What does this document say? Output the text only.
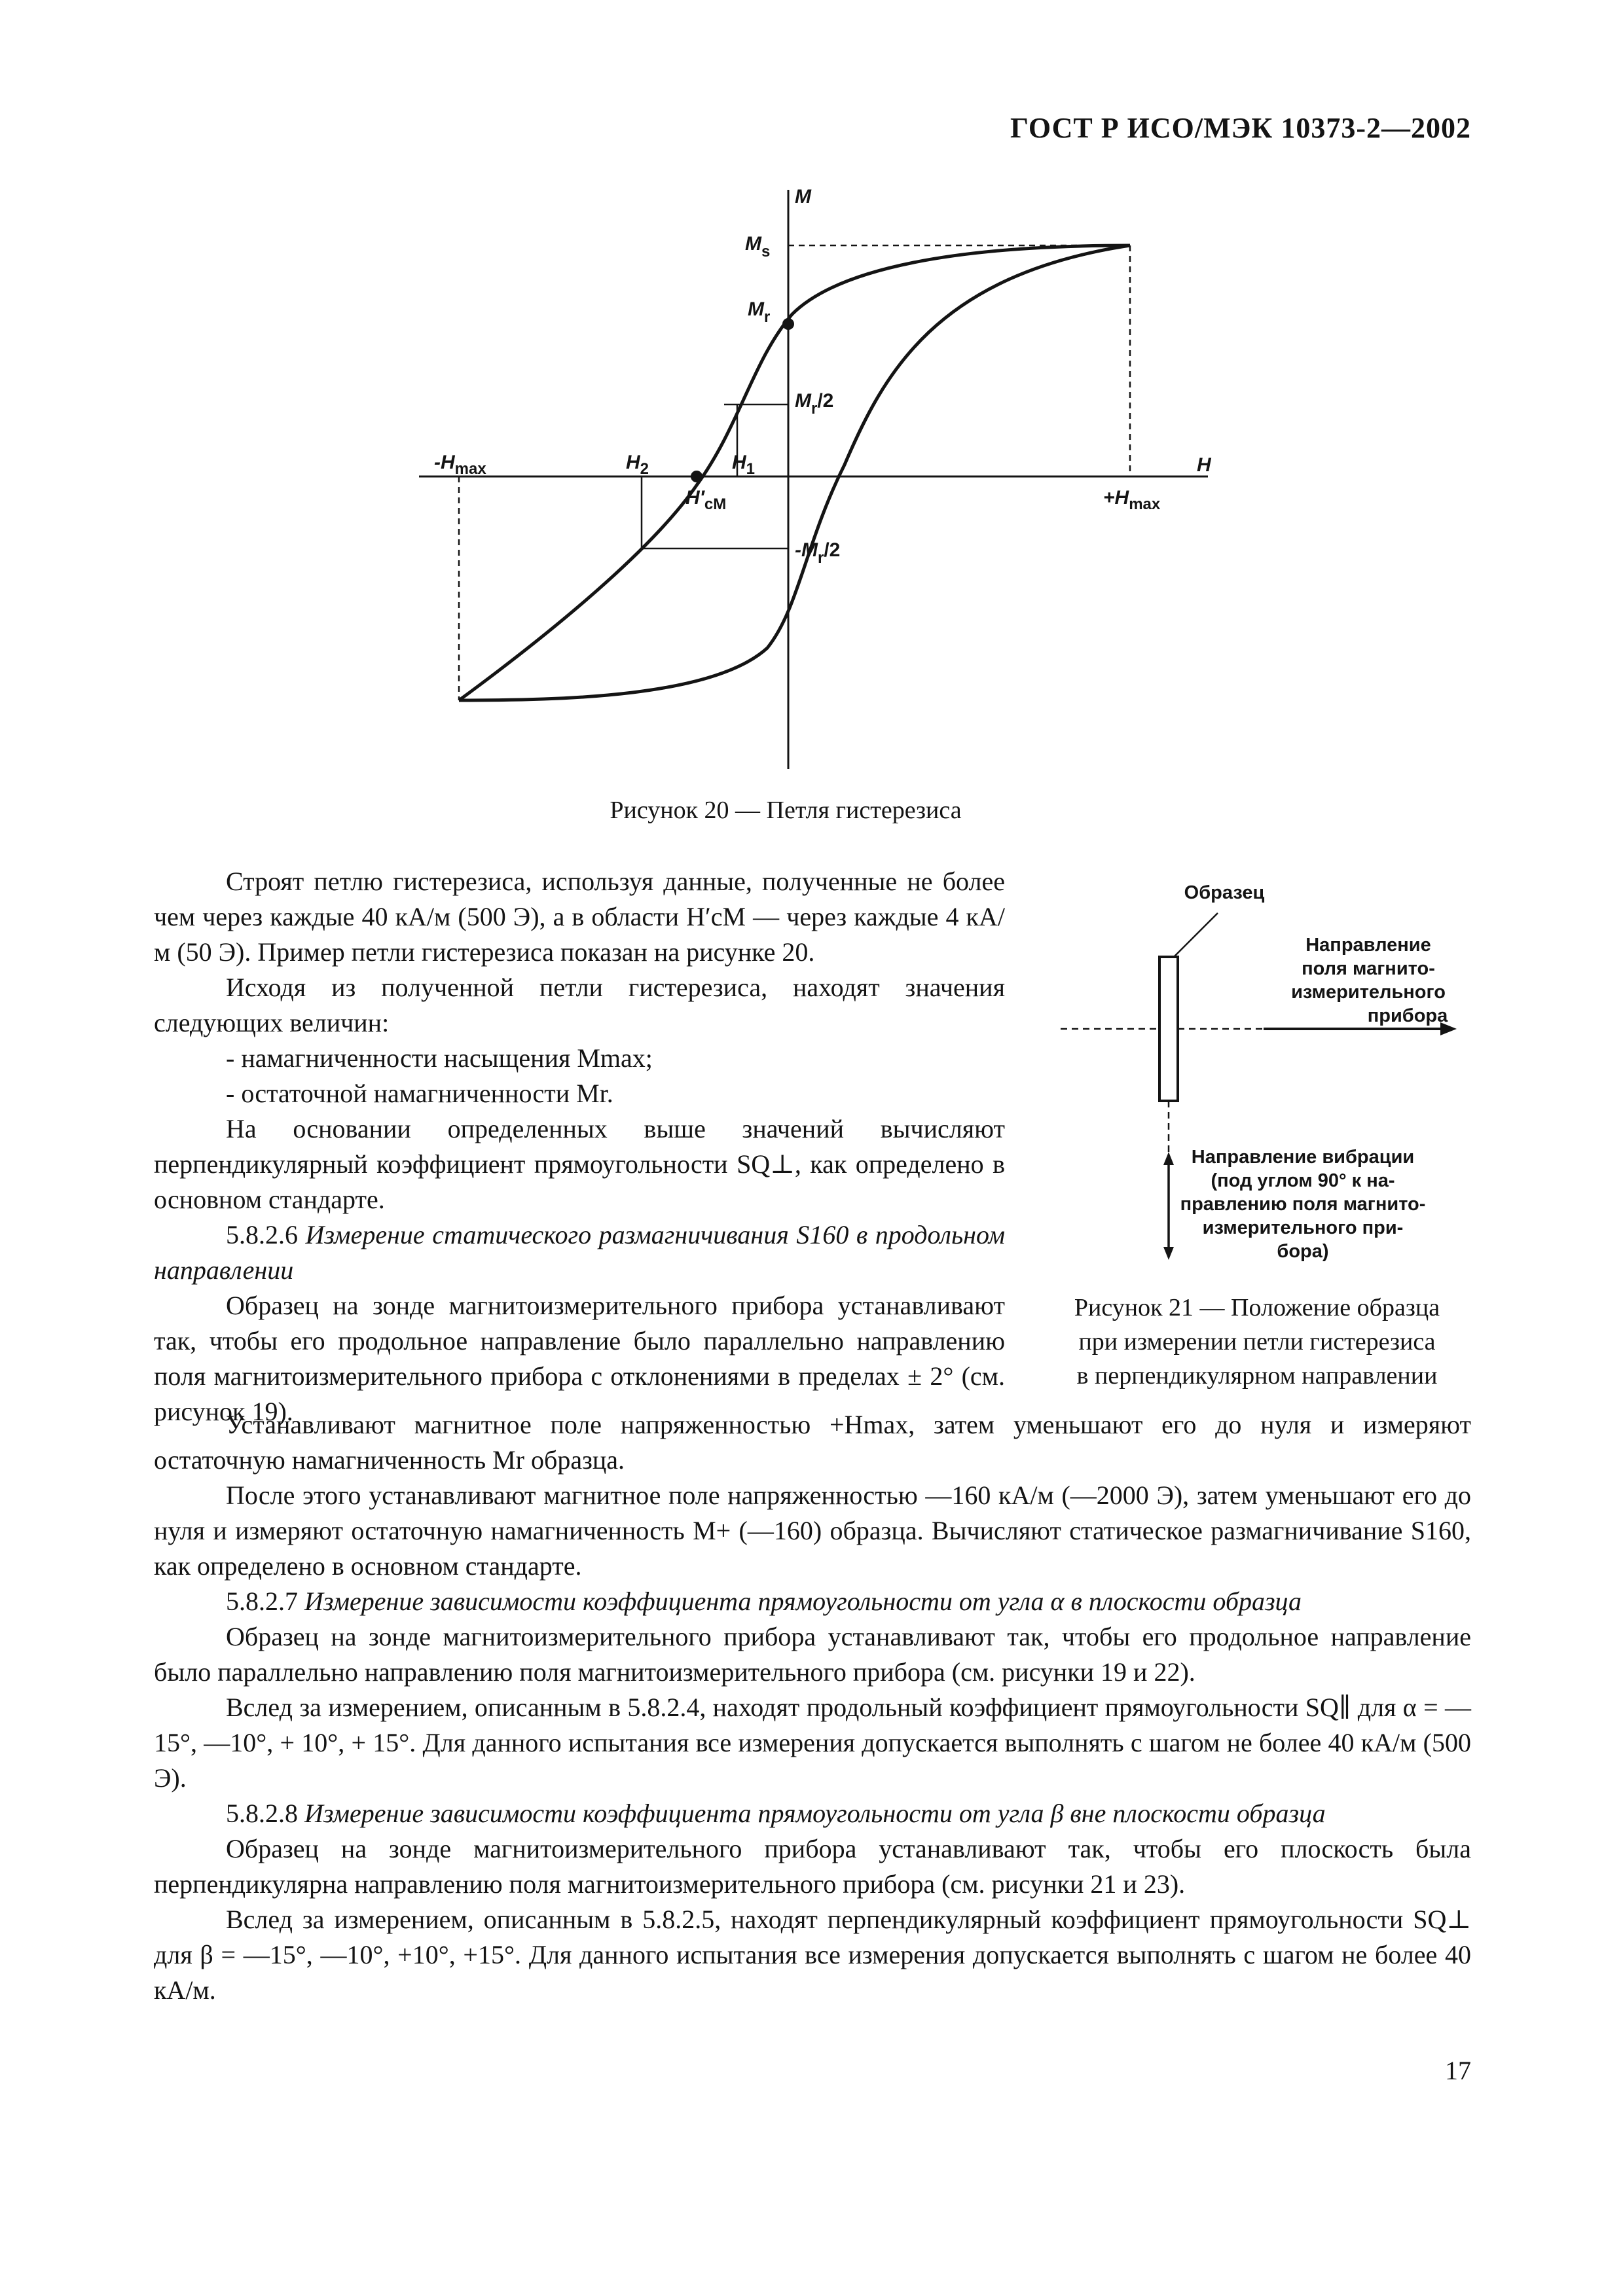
ГОСТ Р ИСО/МЭК 10373-2—2002
M
H
$M_s$
$M_r$
$M_r/2$
$-M_r/2$
$-H_{max}$
$+H_{max}$
$H_2$	$H_1$
$H'_{cM}$
Рисунок 20 — Петля гистерезиса

Строят петлю гистерезиса, используя данные, полученные не более чем через каждые 40 кА/м (500 Э), а в области H′cM — через каждые 4 кА/м (50 Э). Пример петли гистерезиса показан на рисунке 20.

Исходя из полученной петли гистерезиса, находят значения следующих величин:

- намагниченности насыщения Mmax;

- остаточной намагниченности Mr.

На основании определенных выше значений вычисляют перпендикулярный коэффициент прямоугольности SQ⊥, как определено в основном стандарте.

5.8.2.6 Измерение статического размагничивания S160 в продольном направлении

Образец на зонде магнитоизмерительного прибора устанавливают так, чтобы его продольное направление было параллельно направлению поля магнитоизмерительного прибора с отклонениями в пределах ± 2° (см. рисунок 19).

Образец
Направление
поля магнито-
измерительного
прибора
Направление вибрации
(под углом 90° к на-
правлению поля магнито-
измерительного при-
бора)
Рисунок 21 — Положение образца
при измерении петли гистерезиса
в перпендикулярном направлении

Устанавливают магнитное поле напряженностью +Hmax, затем уменьшают его до нуля и измеряют остаточную намагниченность Mr образца.

После этого устанавливают магнитное поле напряженностью —160 кА/м (—2000 Э), затем уменьшают его до нуля и измеряют остаточную намагниченность M+ (—160) образца. Вычисляют статическое размагничивание S160, как определено в основном стандарте.

5.8.2.7 Измерение зависимости коэффициента прямоугольности от угла α в плоскости образца

Образец на зонде магнитоизмерительного прибора устанавливают так, чтобы его продольное направление было параллельно направлению поля магнитоизмерительного прибора (см. рисунки 19 и 22).

Вслед за измерением, описанным в 5.8.2.4, находят продольный коэффициент прямоугольности SQ∥ для α = —15°, —10°, + 10°, + 15°. Для данного испытания все измерения допускается выполнять с шагом не более 40 кА/м (500 Э).

5.8.2.8 Измерение зависимости коэффициента прямоугольности от угла β вне плоскости образца

Образец на зонде магнитоизмерительного прибора устанавливают так, чтобы его плоскость была перпендикулярна направлению поля магнитоизмерительного прибора (см. рисунки 21 и 23).

Вслед за измерением, описанным в 5.8.2.5, находят перпендикулярный коэффициент прямоугольности SQ⊥ для β = —15°, —10°, +10°, +15°. Для данного испытания все измерения допускается выполнять с шагом не более 40 кА/м.

17
